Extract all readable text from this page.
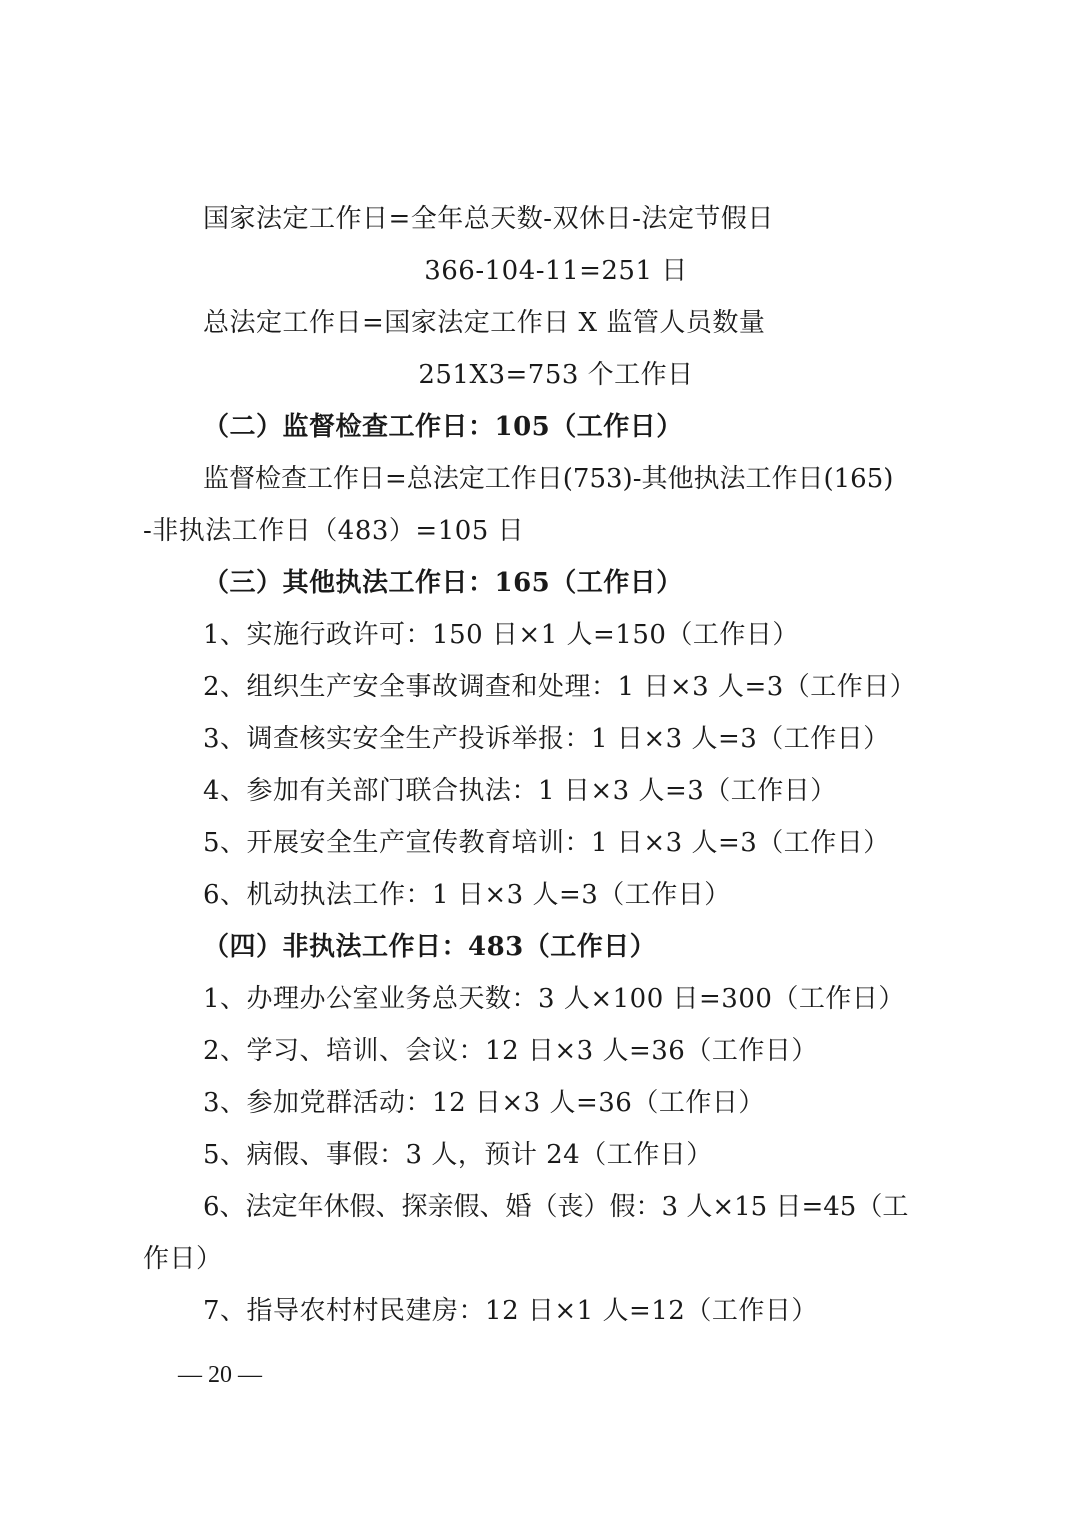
国家法定工作日=全年总天数-双休日-法定节假日
366-104-11=251 日
总法定工作日=国家法定工作日 X 监管人员数量
251X3=753 个工作日
（二）监督检查工作日：105（工作日）
监督检查工作日=总法定工作日(753)-其他执法工作日(165)
-非执法工作日（483）=105 日
（三）其他执法工作日：165（工作日）
1、实施行政许可：150 日×1 人=150（工作日）
2、组织生产安全事故调查和处理：1 日×3 人=3（工作日）
3、调查核实安全生产投诉举报：1 日×3 人=3（工作日）
4、参加有关部门联合执法：1 日×3 人=3（工作日）
5、开展安全生产宣传教育培训：1 日×3 人=3（工作日）
6、机动执法工作：1 日×3 人=3（工作日）
（四）非执法工作日：483（工作日）
1、办理办公室业务总天数：3 人×100 日=300（工作日）
2、学习、培训、会议：12 日×3 人=36（工作日）
3、参加党群活动：12 日×3 人=36（工作日）
5、病假、事假：3 人，预计 24（工作日）
6、法定年休假、探亲假、婚（丧）假：3 人×15 日=45（工
作日）
7、指导农村村民建房：12 日×1 人=12（工作日）
— 20 —
